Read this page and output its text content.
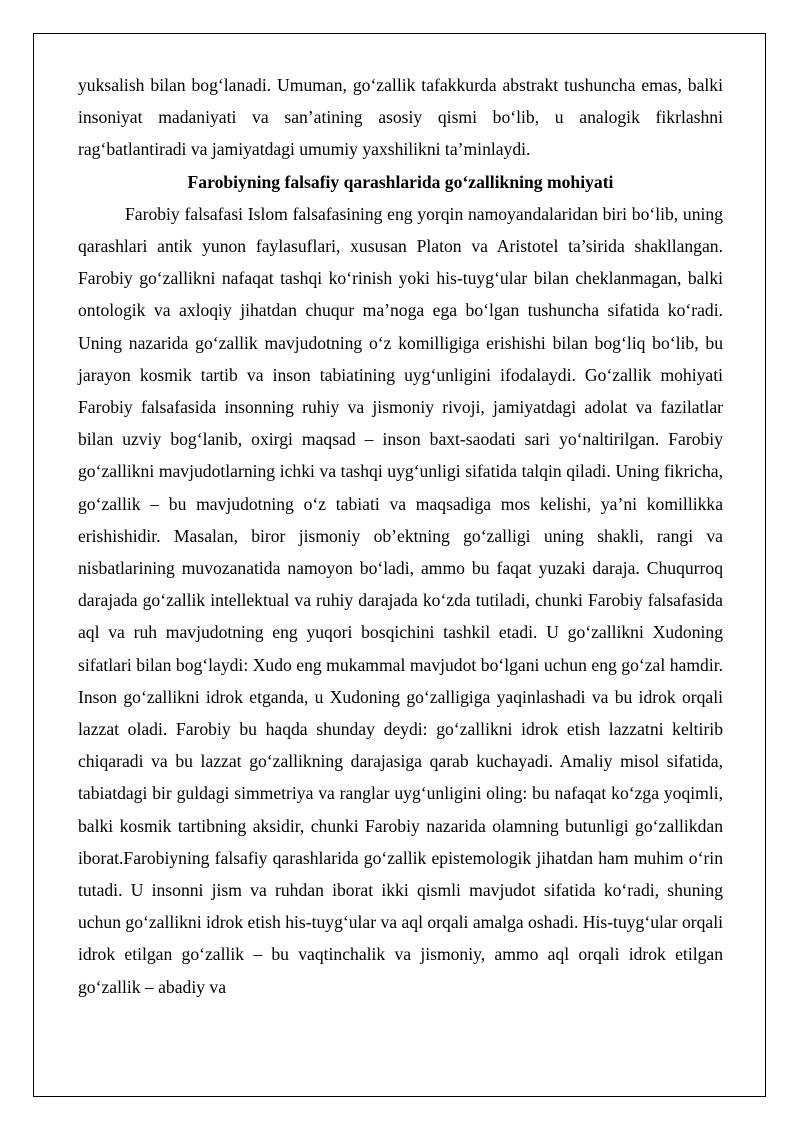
yuksalish bilan bogʻlanadi. Umuman, goʻzallik tafakkurda abstrakt tushuncha emas, balki insoniyat madaniyati va san’atining asosiy qismi boʻlib, u analogik fikrlashni ragʻbatlantiradi va jamiyatdagi umumiy yaxshilikni ta’minlaydi.

Farobiyning falsafiy qarashlarida goʻzallikning mohiyati

Farobiy falsafasi Islom falsafasining eng yorqin namoyandalaridan biri boʻlib, uning qarashlari antik yunon faylasuflari, xususan Platon va Aristotel ta’sirida shakllangan. Farobiy goʻzallikni nafaqat tashqi koʻrinish yoki his-tuygʻular bilan cheklanmagan, balki ontologik va axloqiy jihatdan chuqur ma’noga ega boʻlgan tushuncha sifatida koʻradi. Uning nazarida goʻzallik mavjudotning oʻz komilligiga erishishi bilan bogʻliq boʻlib, bu jarayon kosmik tartib va inson tabiatining uygʻunligini ifodalaydi. Goʻzallik mohiyati Farobiy falsafasida insonning ruhiy va jismoniy rivoji, jamiyatdagi adolat va fazilatlar bilan uzviy bogʻlanib, oxirgi maqsad – inson baxt-saodati sari yoʻnaltirilgan. Farobiy goʻzallikni mavjudotlarning ichki va tashqi uygʻunligi sifatida talqin qiladi. Uning fikricha, goʻzallik – bu mavjudotning oʻz tabiati va maqsadiga mos kelishi, ya’ni komillikka erishishidir. Masalan, biror jismoniy ob’ektning goʻzalligi uning shakli, rangi va nisbatlarining muvozanatida namoyon boʻladi, ammo bu faqat yuzaki daraja. Chuqurroq darajada goʻzallik intellektual va ruhiy darajada koʻzda tutiladi, chunki Farobiy falsafasida aql va ruh mavjudotning eng yuqori bosqichini tashkil etadi. U goʻzallikni Xudoning sifatlari bilan bogʻlaydi: Xudo eng mukammal mavjudot boʻlgani uchun eng goʻzal hamdir. Inson goʻzallikni idrok etganda, u Xudoning goʻzalligiga yaqinlashadi va bu idrok orqali lazzat oladi. Farobiy bu haqda shunday deydi: goʻzallikni idrok etish lazzatni keltirib chiqaradi va bu lazzat goʻzallikning darajasiga qarab kuchayadi. Amaliy misol sifatida, tabiatdagi bir guldagi simmetriya va ranglar uygʻunligini oling: bu nafaqat koʻzga yoqimli, balki kosmik tartibning aksidir, chunki Farobiy nazarida olamning butunligi goʻzallikdan iborat.Farobiyning falsafiy qarashlarida goʻzallik epistemologik jihatdan ham muhim oʻrin tutadi. U insonni jism va ruhdan iborat ikki qismli mavjudot sifatida koʻradi, shuning uchun goʻzallikni idrok etish his-tuygʻular va aql orqali amalga oshadi. His-tuygʻular orqali idrok etilgan goʻzallik – bu vaqtinchalik va jismoniy, ammo aql orqali idrok etilgan goʻzallik – abadiy va
